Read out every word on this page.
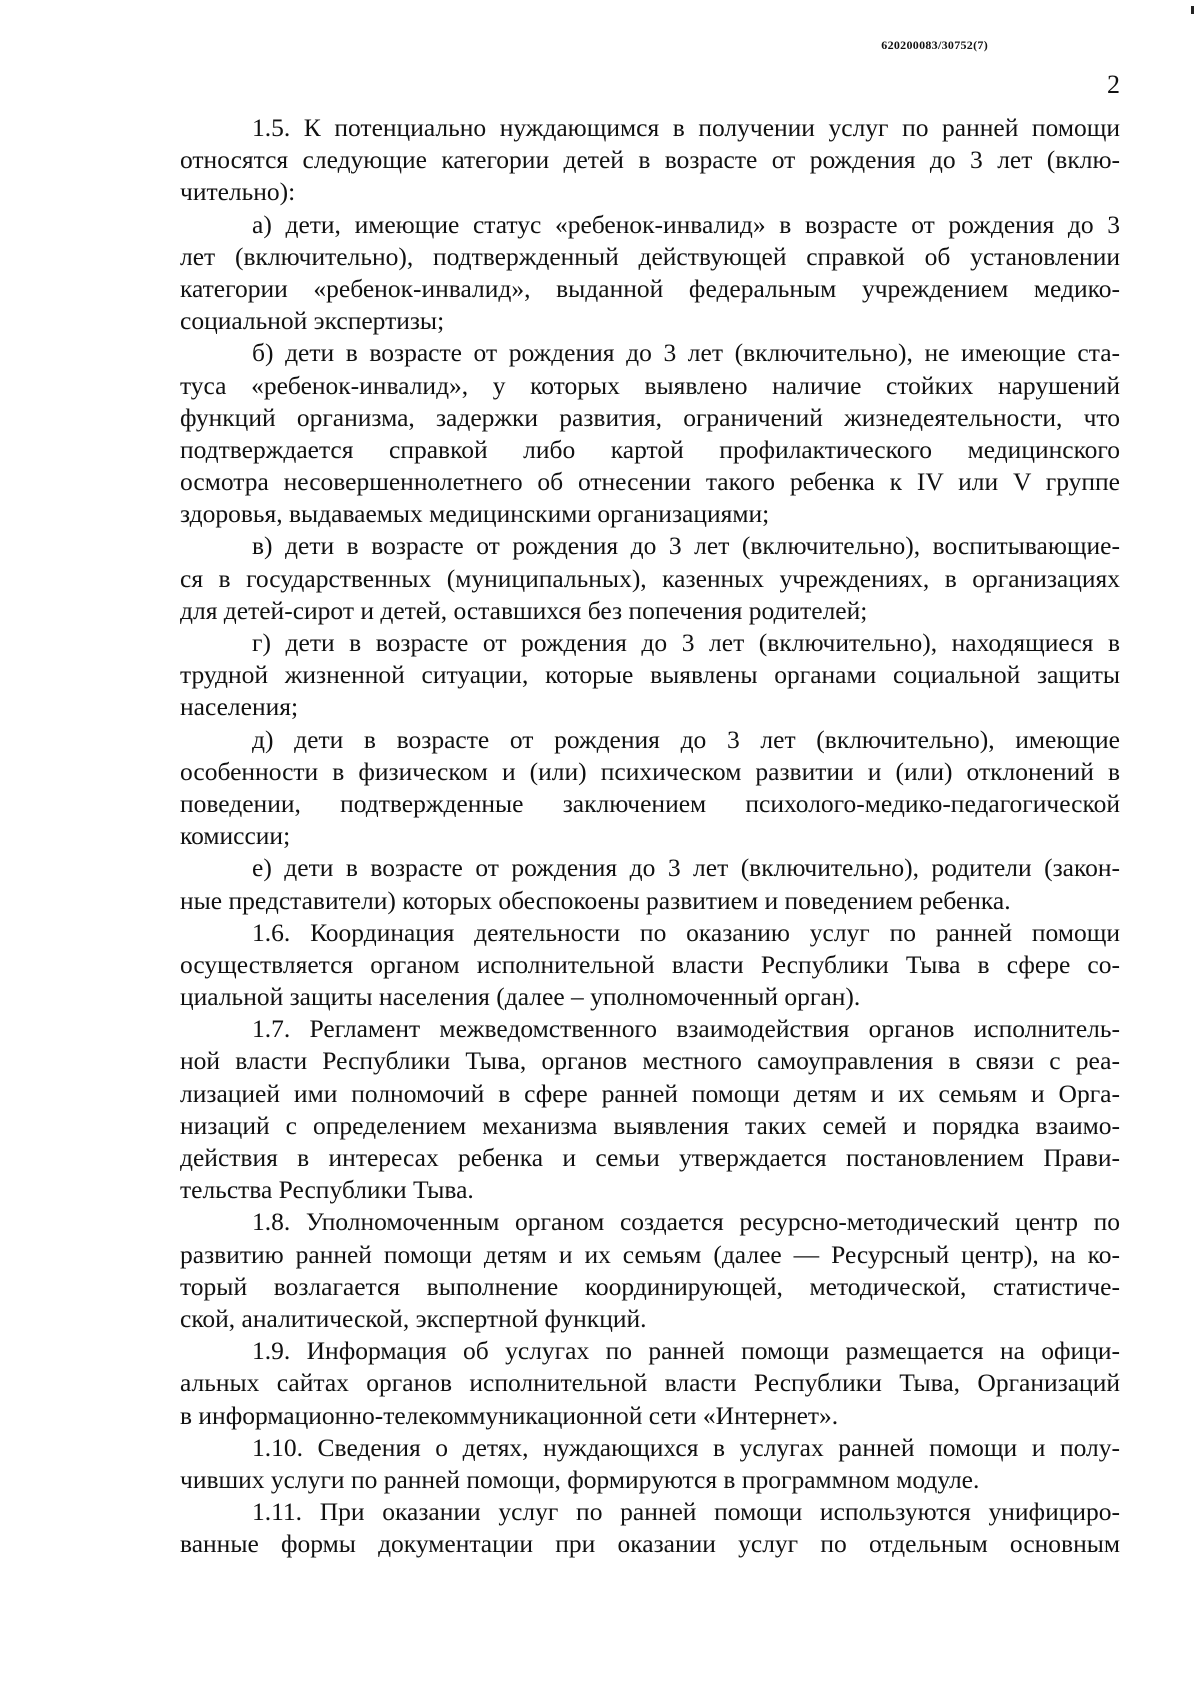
620200083/30752(7)
2
1.5. К потенциально нуждающимся в получении услуг по ранней помощи
относятся следующие категории детей в возрасте от рождения до 3 лет (вклю-
чительно):
а) дети, имеющие статус «ребенок-инвалид» в возрасте от рождения до 3
лет (включительно), подтвержденный действующей справкой об установлении
категории «ребенок-инвалид», выданной федеральным учреждением медико-
социальной экспертизы;
б) дети в возрасте от рождения до 3 лет (включительно), не имеющие ста-
туса «ребенок-инвалид», у которых выявлено наличие стойких нарушений
функций организма, задержки развития, ограничений жизнедеятельности, что
подтверждается справкой либо картой профилактического медицинского
осмотра несовершеннолетнего об отнесении такого ребенка к IV или V группе
здоровья, выдаваемых медицинскими организациями;
в) дети в возрасте от рождения до 3 лет (включительно), воспитывающие-
ся в государственных (муниципальных), казенных учреждениях, в организациях
для детей-сирот и детей, оставшихся без попечения родителей;
г) дети в возрасте от рождения до 3 лет (включительно), находящиеся в
трудной жизненной ситуации, которые выявлены органами социальной защиты
населения;
д) дети в возрасте от рождения до 3 лет (включительно), имеющие
особенности в физическом и (или) психическом развитии и (или) отклонений в
поведении, подтвержденные заключением психолого-медико-педагогической
комиссии;
е) дети в возрасте от рождения до 3 лет (включительно), родители (закон-
ные представители) которых обеспокоены развитием и поведением ребенка.
1.6. Координация деятельности по оказанию услуг по ранней помощи
осуществляется органом исполнительной власти Республики Тыва в сфере со-
циальной защиты населения (далее – уполномоченный орган).
1.7. Регламент межведомственного взаимодействия органов исполнитель-
ной власти Республики Тыва, органов местного самоуправления в связи с реа-
лизацией ими полномочий в сфере ранней помощи детям и их семьям и Орга-
низаций с определением механизма выявления таких семей и порядка взаимо-
действия в интересах ребенка и семьи утверждается постановлением Прави-
тельства Республики Тыва.
1.8. Уполномоченным органом создается ресурсно-методический центр по
развитию ранней помощи детям и их семьям (далее — Ресурсный центр), на ко-
торый возлагается выполнение координирующей, методической, статистиче-
ской, аналитической, экспертной функций.
1.9. Информация об услугах по ранней помощи размещается на офици-
альных сайтах органов исполнительной власти Республики Тыва, Организаций
в информационно-телекоммуникационной сети «Интернет».
1.10. Сведения о детях, нуждающихся в услугах ранней помощи и полу-
чивших услуги по ранней помощи, формируются в программном модуле.
1.11. При оказании услуг по ранней помощи используются унифициро-
ванные формы документации при оказании услуг по отдельным основным
